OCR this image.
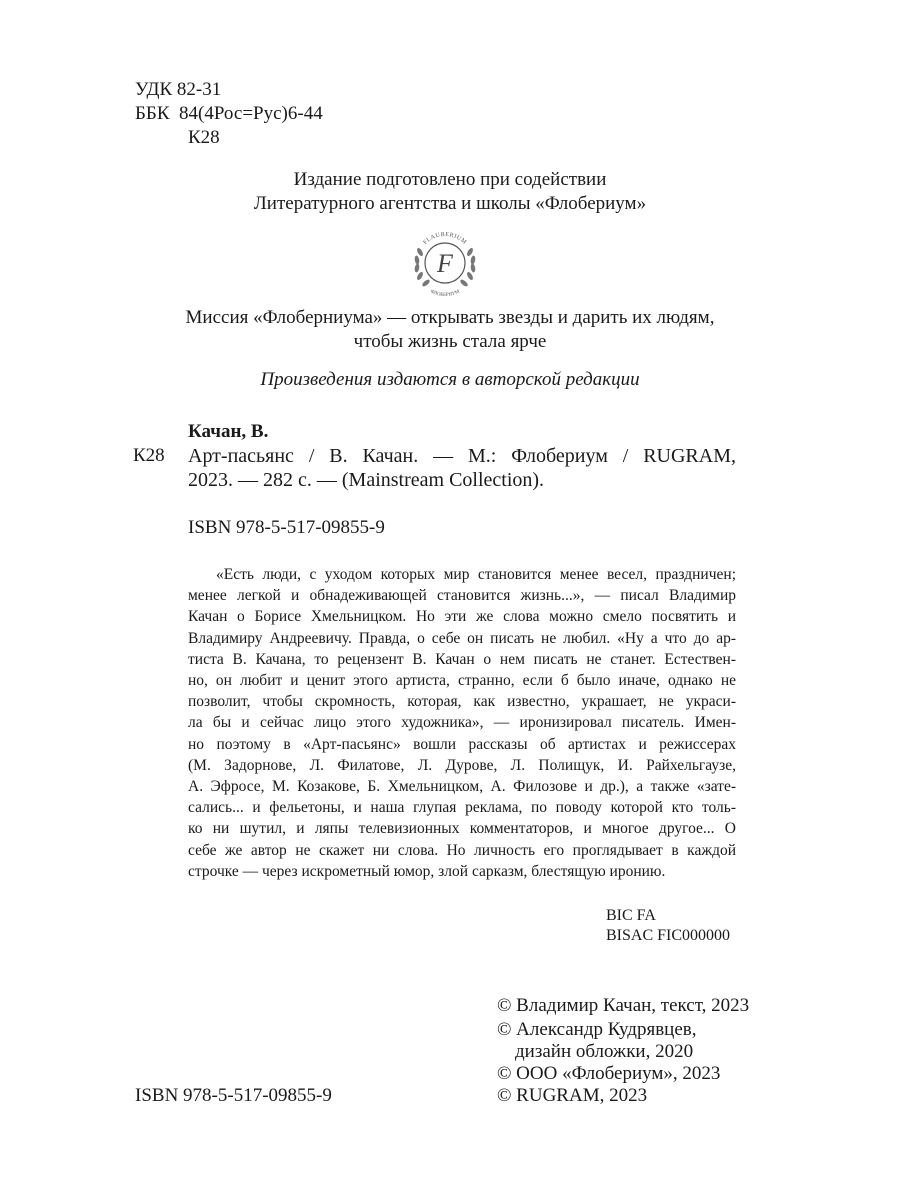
УДК 82-31
ББК  84(4Рос=Рус)6-44
К28
Издание подготовлено при содействии
Литературного агентства и школы «Флобериум»
FLAUBERIUM
ФЛОБЕРИУМ
F
Миссия «Флоберниума» — открывать звезды и дарить их людям,
чтобы жизнь стала ярче
Произведения издаются в авторской редакции
Качан, В.
К28 Арт-пасьянс / В. Качан. — М.: Флобериум / RUGRAM,
2023. — 282 с. — (Mainstream Collection).
ISBN 978-5-517-09855-9
«Есть люди, с уходом которых мир становится менее весел, праздничен;
менее легкой и обнадеживающей становится жизнь...», — писал Владимир
Качан о Борисе Хмельницком. Но эти же слова можно смело посвятить и
Владимиру Андреевичу. Правда, о себе он писать не любил. «Ну а что до ар-
тиста В. Качана, то рецензент В. Качан о нем писать не станет. Естествен-
но, он любит и ценит этого артиста, странно, если б было иначе, однако не
позволит, чтобы скромность, которая, как известно, украшает, не украси-
ла бы и сейчас лицо этого художника», — иронизировал писатель. Имен-
но поэтому в «Арт-пасьянс» вошли рассказы об артистах и режиссерах
(М. Задорнове, Л. Филатове, Л. Дурове, Л. Полищук, И. Райхельгаузе,
А. Эфросе, М. Козакове, Б. Хмельницком, А. Филозове и др.), а также «зате-
сались... и фельетоны, и наша глупая реклама, по поводу которой кто толь-
ко ни шутил, и ляпы телевизионных комментаторов, и многое другое... О
себе же автор не скажет ни слова. Но личность его проглядывает в каждой
строчке — через искрометный юмор, злой сарказм, блестящую иронию.
BIC FA
BISAC FIC000000
ISBN 978-5-517-09855-9
© Владимир Качан, текст, 2023
© Александр Кудрявцев,
дизайн обложки, 2020
© ООО «Флобериум», 2023
© RUGRAM, 2023
